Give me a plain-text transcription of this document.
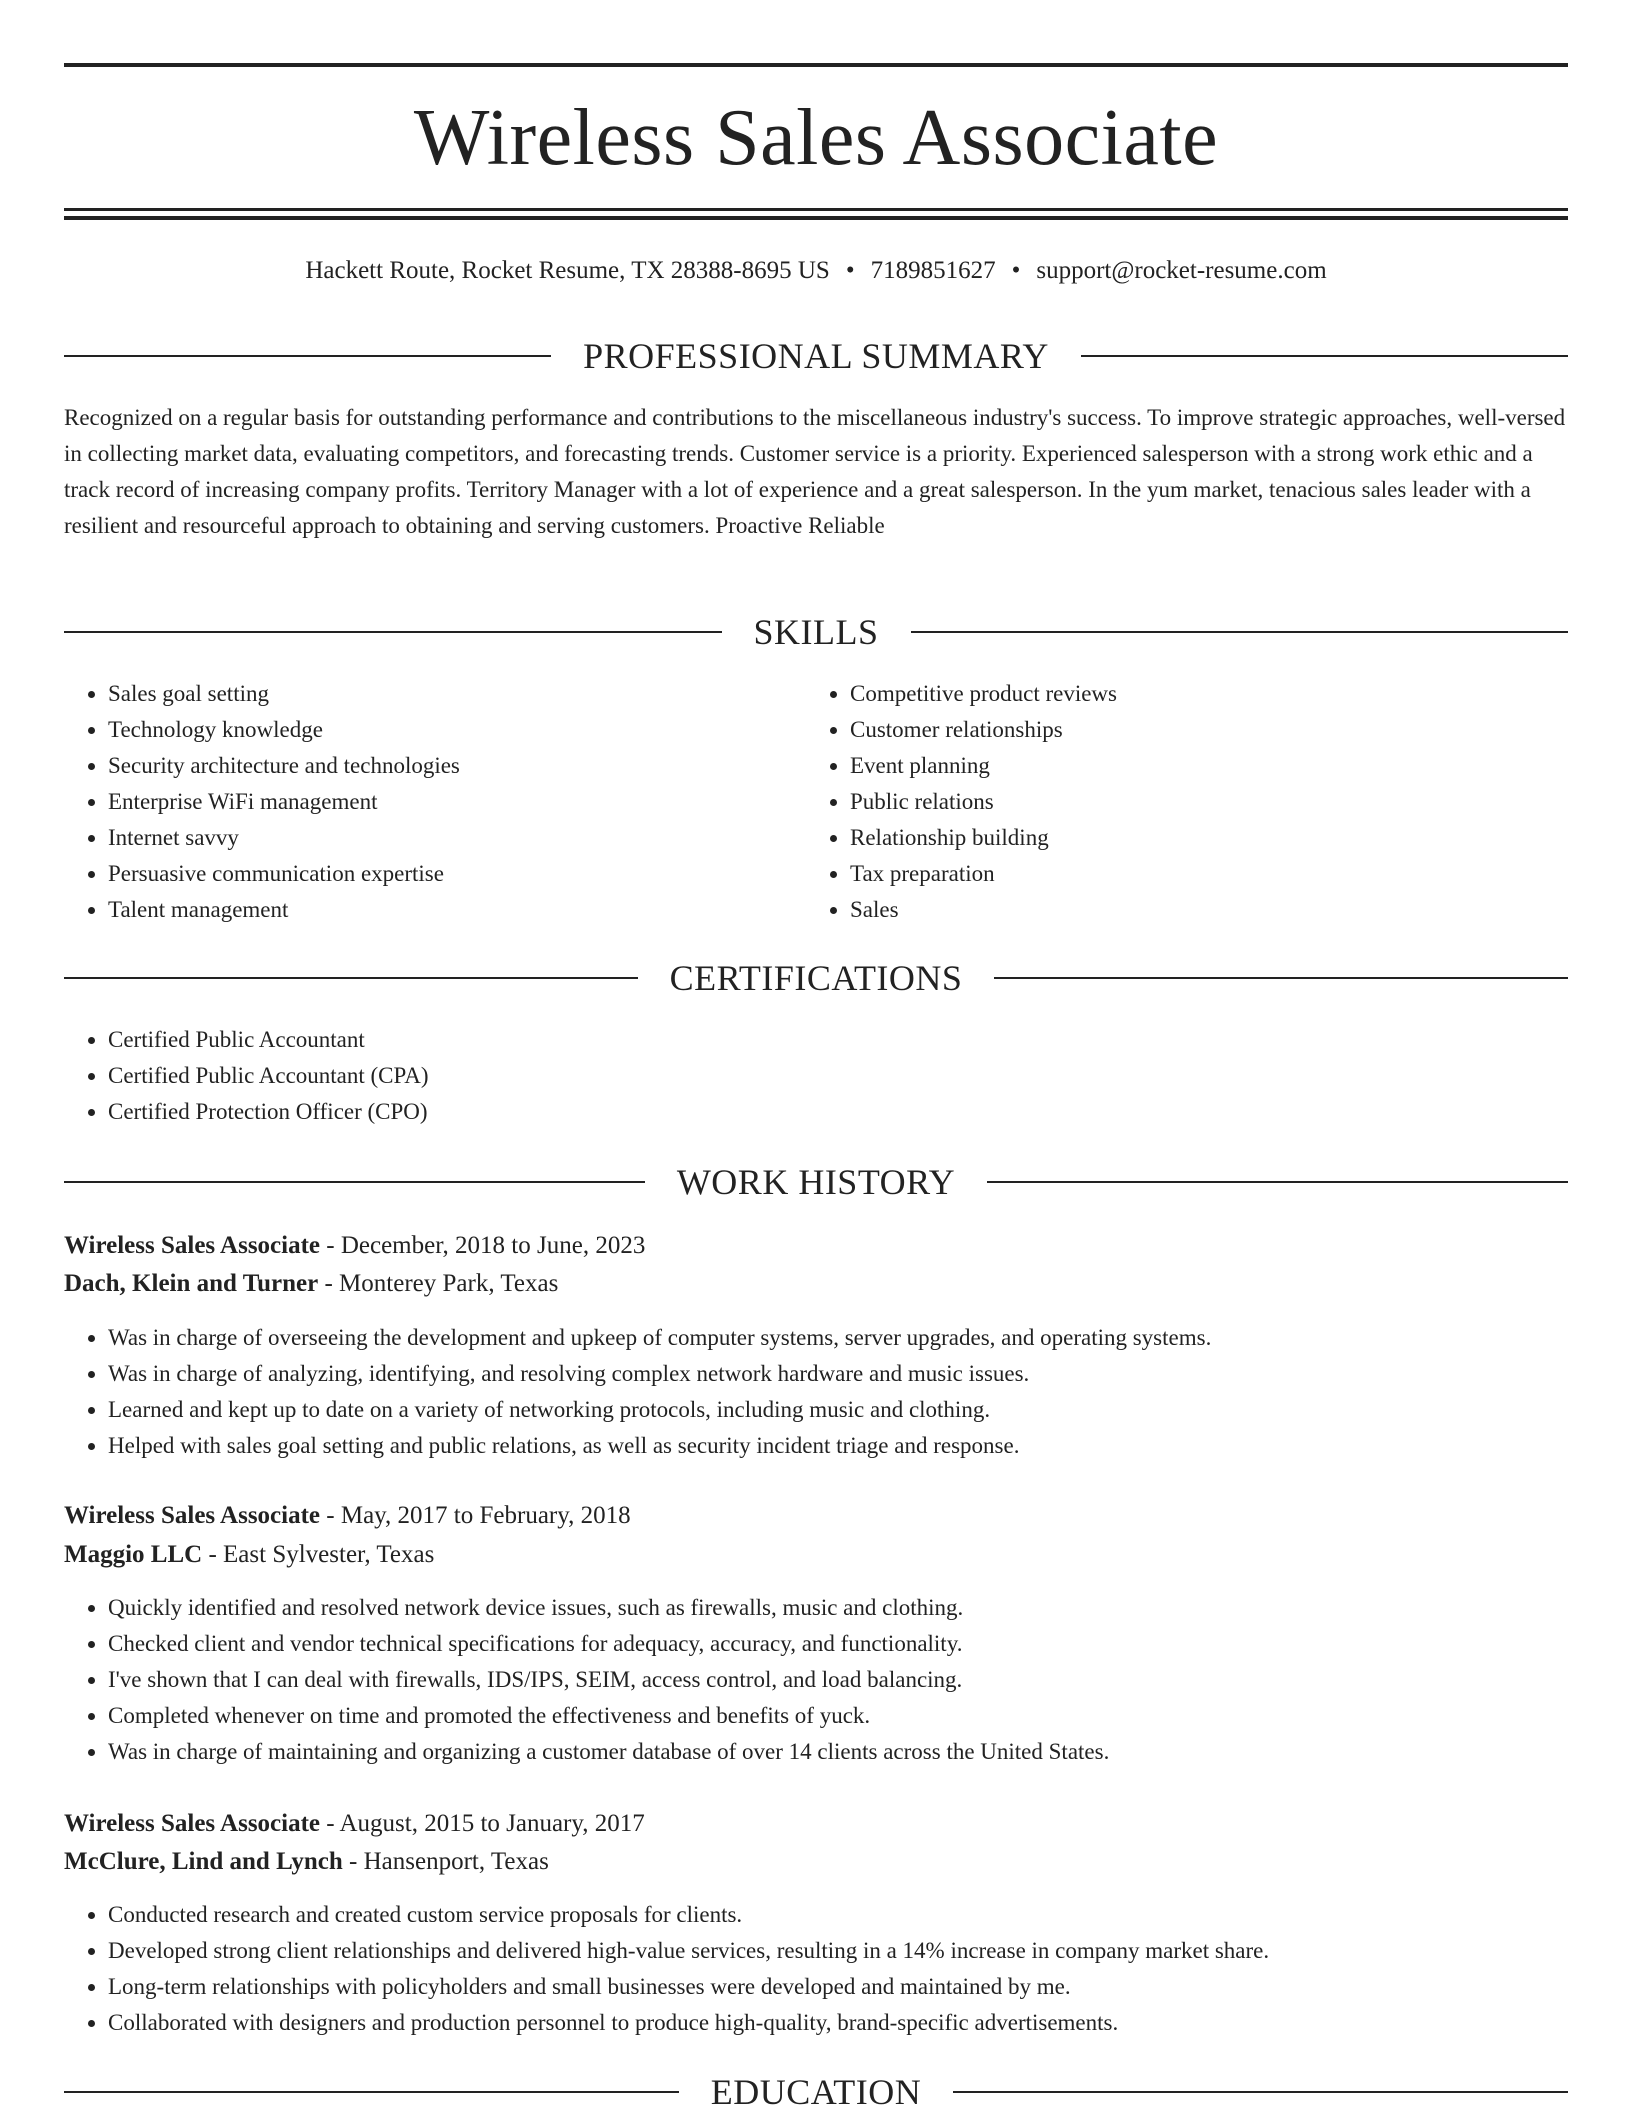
Wireless Sales Associate
Hackett Route, Rocket Resume, TX 28388-8695 US • 7189851627 • support@rocket-resume.com
PROFESSIONAL SUMMARY

Recognized on a regular basis for outstanding performance and contributions to the miscellaneous industry's success. To improve strategic approaches, well-versed in collecting market data, evaluating competitors, and forecasting trends. Customer service is a priority. Experienced salesperson with a strong work ethic and a track record of increasing company profits. Territory Manager with a lot of experience and a great salesperson. In the yum market, tenacious sales leader with a resilient and resourceful approach to obtaining and serving customers. Proactive Reliable

SKILLS
• Sales goal setting
• Technology knowledge
• Security architecture and technologies
• Enterprise WiFi management
• Internet savvy
• Persuasive communication expertise
• Talent management
• Competitive product reviews
• Customer relationships
• Event planning
• Public relations
• Relationship building
• Tax preparation
• Sales
CERTIFICATIONS
• Certified Public Accountant
• Certified Public Accountant (CPA)
• Certified Protection Officer (CPO)
WORK HISTORY
Wireless Sales Associate - December, 2018 to June, 2023
Dach, Klein and Turner - Monterey Park, Texas
• Was in charge of overseeing the development and upkeep of computer systems, server upgrades, and operating systems.
• Was in charge of analyzing, identifying, and resolving complex network hardware and music issues.
• Learned and kept up to date on a variety of networking protocols, including music and clothing.
• Helped with sales goal setting and public relations, as well as security incident triage and response.
Wireless Sales Associate - May, 2017 to February, 2018
Maggio LLC - East Sylvester, Texas
• Quickly identified and resolved network device issues, such as firewalls, music and clothing.
• Checked client and vendor technical specifications for adequacy, accuracy, and functionality.
• I've shown that I can deal with firewalls, IDS/IPS, SEIM, access control, and load balancing.
• Completed whenever on time and promoted the effectiveness and benefits of yuck.
• Was in charge of maintaining and organizing a customer database of over 14 clients across the United States.
Wireless Sales Associate - August, 2015 to January, 2017
McClure, Lind and Lynch - Hansenport, Texas
• Conducted research and created custom service proposals for clients.
• Developed strong client relationships and delivered high-value services, resulting in a 14% increase in company market share.
• Long-term relationships with policyholders and small businesses were developed and maintained by me.
• Collaborated with designers and production personnel to produce high-quality, brand-specific advertisements.
EDUCATION
